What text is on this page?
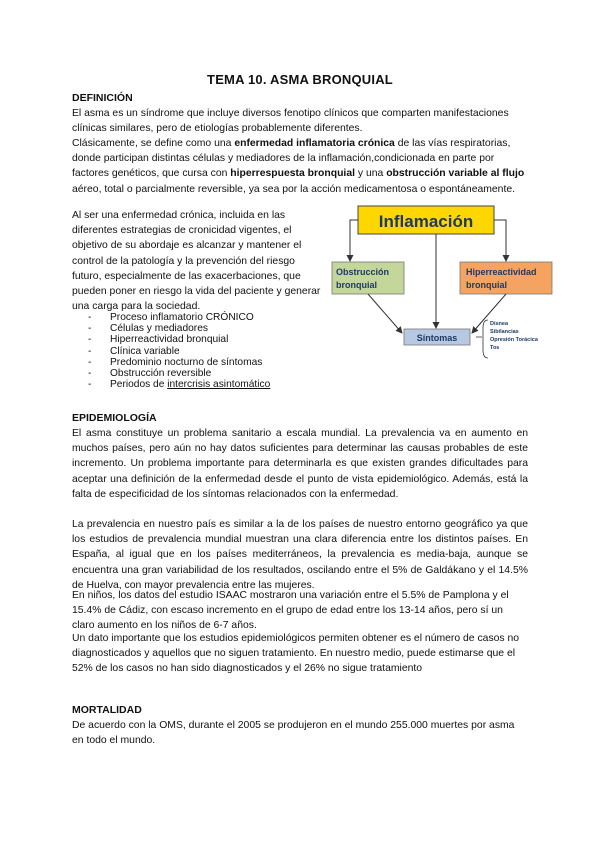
TEMA 10. ASMA BRONQUIAL
DEFINICIÓN

El asma es un síndrome que incluye diversos fenotipo clínicos que comparten manifestaciones clínicas similares, pero de etiologías probablemente diferentes.

Clásicamente, se define como una enfermedad inflamatoria crónica de las vías respiratorias, donde participan distintas células y mediadores de la inflamación,condicionada en parte por factores genéticos, que cursa con hiperrespuesta bronquial y una obstrucción variable al flujo aéreo, total o parcialmente reversible, ya sea por la acción medicamentosa o espontáneamente.

Al ser una enfermedad crónica, incluida en las diferentes estrategias de cronicidad vigentes, el objetivo de su abordaje es alcanzar y mantener el control de la patología y la prevención del riesgo futuro, especialmente de las exacerbaciones, que pueden poner en riesgo la vida del paciente y generar una carga para la sociedad.

- Proceso inflamatorio CRÓNICO
- Células y mediadores
- Hiperreactividad bronquial
- Clínica variable
- Predominio nocturno de síntomas
- Obstrucción reversible
- Periodos de intercrisis asintomático
Inflamación
Obstrucción
bronquial
Hiperreactividad
bronquial
Síntomas
Disnea
Sibilancias
Opresión Torácica
Tos
EPIDEMIOLOGÍA

El asma constituye un problema sanitario a escala mundial. La prevalencia va en aumento en muchos países, pero aún no hay datos suficientes para determinar las causas probables de este incremento. Un problema importante para determinarla es que existen grandes dificultades para aceptar una definición de la enfermedad desde el punto de vista epidemiológico. Además, está la falta de especificidad de los síntomas relacionados con la enfermedad.

La prevalencia en nuestro país es similar a la de los países de nuestro entorno geográfico ya que los estudios de prevalencia mundial muestran una clara diferencia entre los distintos países. En España, al igual que en los países mediterráneos, la prevalencia es media-baja, aunque se encuentra una gran variabilidad de los resultados, oscilando entre el 5% de Galdákano y el 14.5% de Huelva, con mayor prevalencia entre las mujeres.

En niños, los datos del estudio ISAAC mostraron una variación entre el 5.5% de Pamplona y el 15.4% de Cádiz, con escaso incremento en el grupo de edad entre los 13-14 años, pero sí un claro aumento en los niños de 6-7 años.

Un dato importante que los estudios epidemiológicos permiten obtener es el número de casos no diagnosticados y aquellos que no siguen tratamiento. En nuestro medio, puede estimarse que el 52% de los casos no han sido diagnosticados y el 26% no sigue tratamiento

MORTALIDAD

De acuerdo con la OMS, durante el 2005 se produjeron en el mundo 255.000 muertes por asma en todo el mundo.
